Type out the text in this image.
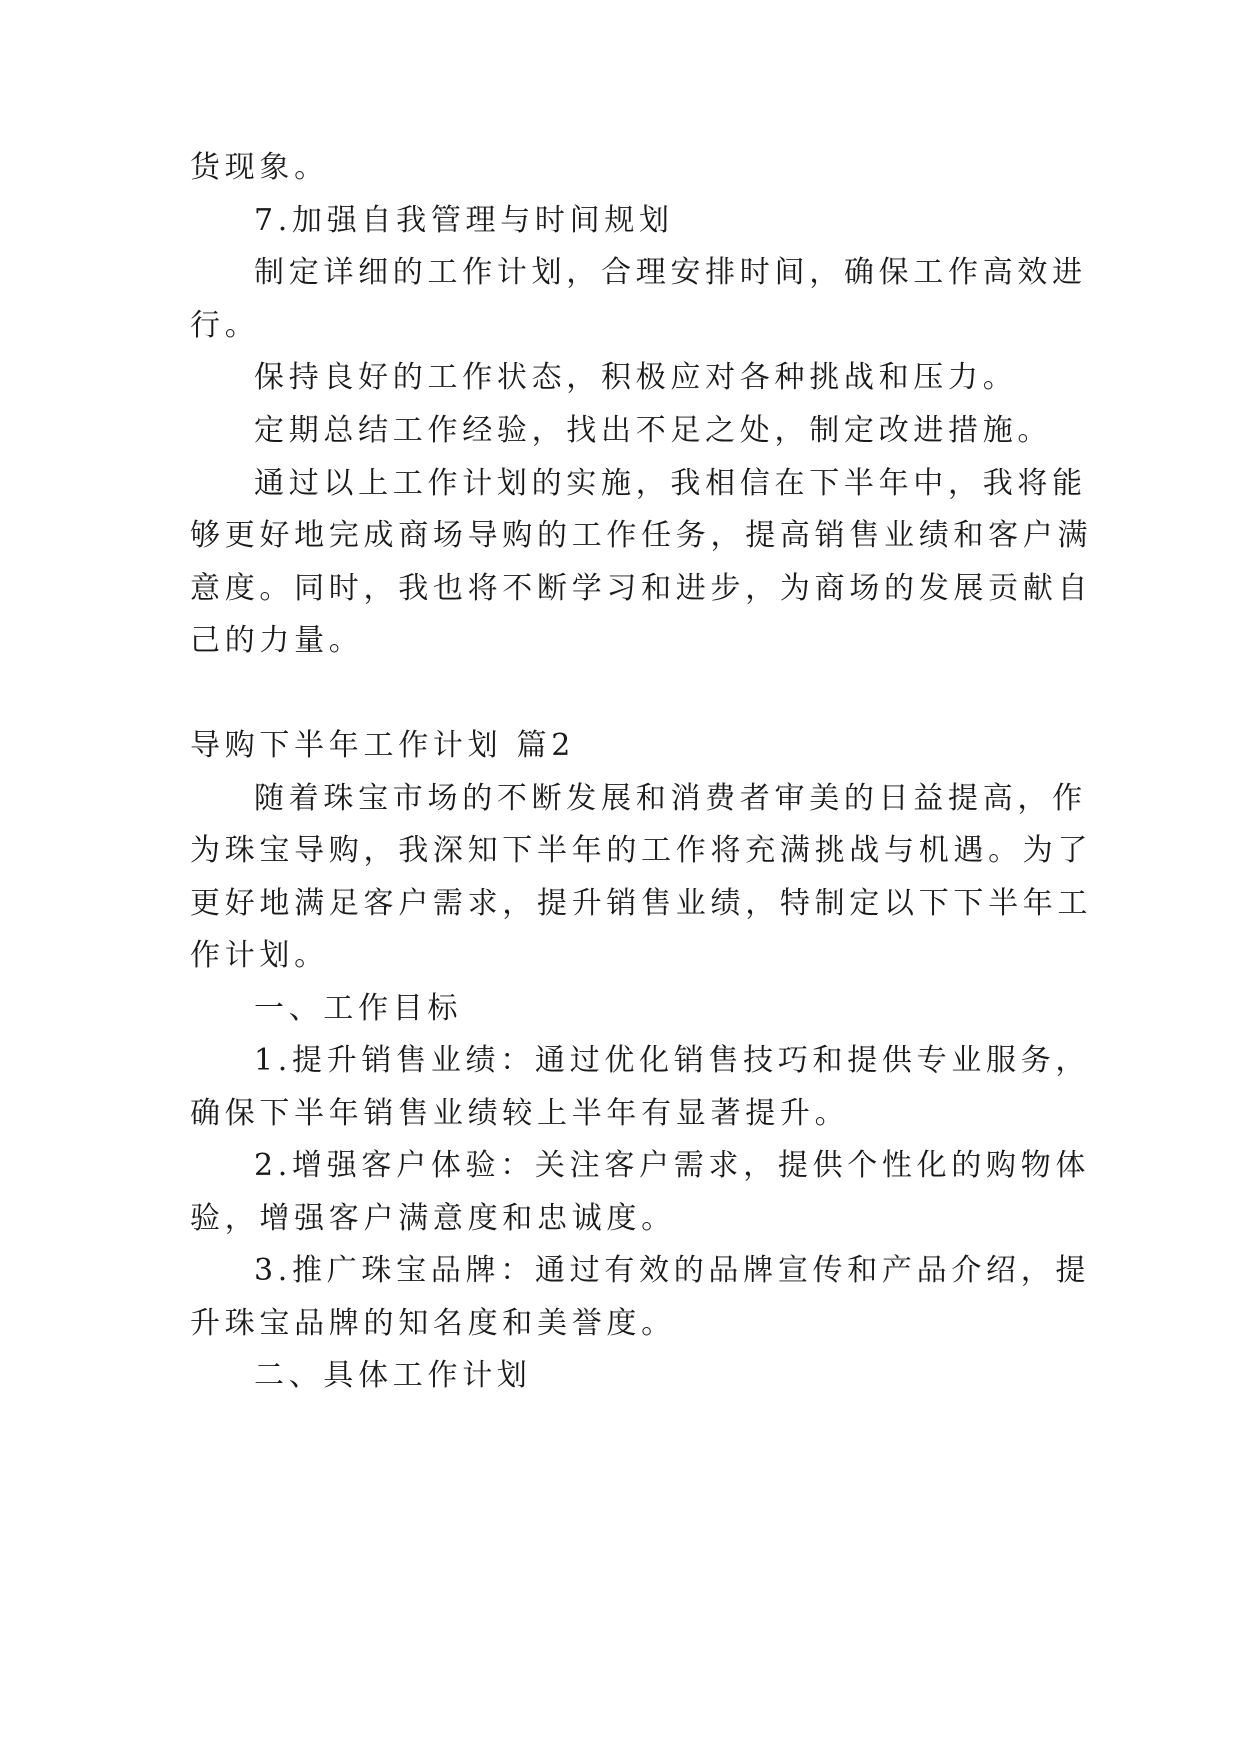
货现象。
7.加强自我管理与时间规划
制定详细的工作计划，合理安排时间，确保工作高效进
行。
保持良好的工作状态，积极应对各种挑战和压力。
定期总结工作经验，找出不足之处，制定改进措施。
通过以上工作计划的实施，我相信在下半年中，我将能
够更好地完成商场导购的工作任务，提高销售业绩和客户满
意度。同时，我也将不断学习和进步，为商场的发展贡献自
己的力量。
导购下半年工作计划 篇2
随着珠宝市场的不断发展和消费者审美的日益提高，作
为珠宝导购，我深知下半年的工作将充满挑战与机遇。为了
更好地满足客户需求，提升销售业绩，特制定以下下半年工
作计划。
一、工作目标
1.提升销售业绩：通过优化销售技巧和提供专业服务，
确保下半年销售业绩较上半年有显著提升。
2.增强客户体验：关注客户需求，提供个性化的购物体
验，增强客户满意度和忠诚度。
3.推广珠宝品牌：通过有效的品牌宣传和产品介绍，提
升珠宝品牌的知名度和美誉度。
二、具体工作计划
